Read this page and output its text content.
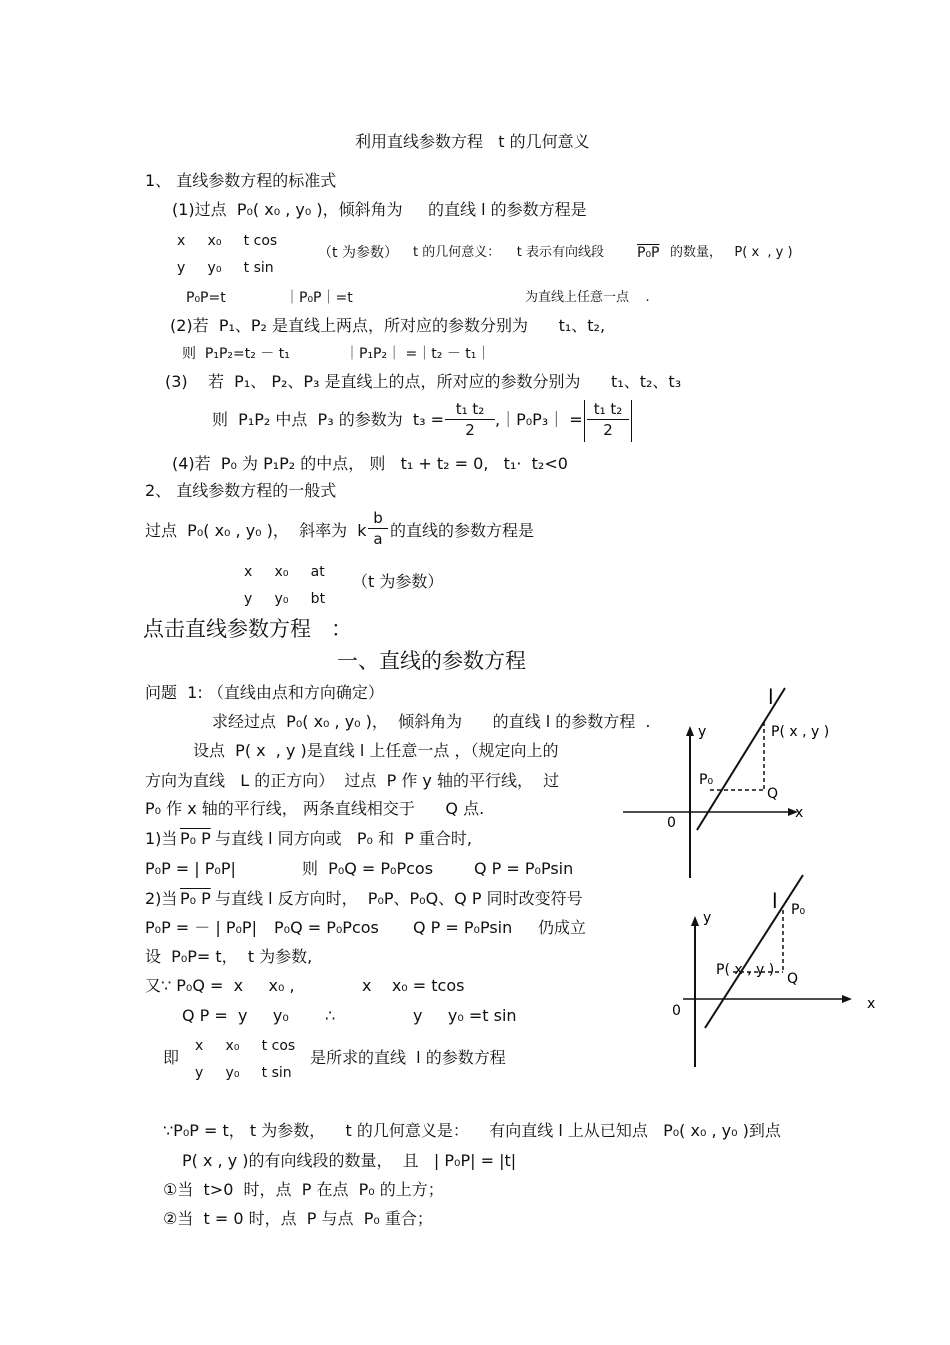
利用直线参数方程   t 的几何意义
1、 直线参数方程的标准式
(1)过点  P₀( x₀ , y₀ )，倾斜角为     的直线 l 的参数方程是
x     x₀     t cos
y     y₀     t sin
（t 为参数） t 的几何意义：    t 表示有向线段 P₀P 的数量，   P( x  , y )
P₀P=t	｜P₀P｜=t	为直线上任意一点    .
(2)若  P₁、P₂ 是直线上两点，所对应的参数分别为      t₁、t₂,
则  P₁P₂=t₂ － t₁	｜P₁P₂｜ =｜t₂ － t₁｜
(3)    若  P₁、 P₂、P₃ 是直线上的点，所对应的参数分别为      t₁、t₂、t₃
则  P₁P₂ 中点  P₃ 的参数为  t₃ =
t₁ t₂
2
,｜P₀P₃｜ =
t₁ t₂
2
(4)若  P₀ 为 P₁P₂ 的中点， 则   t₁ + t₂ = 0,   t₁·  t₂<0
2、 直线参数方程的一般式
过点  P₀( x₀ , y₀ )，  斜率为  k
b
a 的直线的参数方程是
x     x₀     at
y     y₀     bt
（t 为参数）
点击直线参数方程   ：
一、直线的参数方程
问题  1: （直线由点和方向确定）
求经过点  P₀( x₀ , y₀ )，  倾斜角为      的直线 l 的参数方程  .
设点  P( x  , y )是直线 l 上任意一点 ，（规定向上的
方向为直线   L 的正方向）  过点  P 作 y 轴的平行线，  过
P₀ 作 x 轴的平行线， 两条直线相交于      Q 点.
1)当 P₀ P 与直线 l 同方向或   P₀ 和  P 重合时,
P₀P = | P₀P|	则  P₀Q = P₀Pcos	Q P = P₀Psin
2)当 P₀ P 与直线 l 反方向时，  P₀P、P₀Q、Q P 同时改变符号
P₀P = － | P₀P| P₀Q = P₀Pcos Q P = P₀Psin 仍成立
设  P₀P= t，  t 为参数,
又∵ P₀Q =  x     x₀ ,	x    x₀ = tcos
Q P =  y     y₀ ∴	y     y₀ =t sin
即
x     x₀     t cos
y     y₀     t sin
是所求的直线  l 的参数方程
∵P₀P = t， t 为参数，    t 的几何意义是：    有向直线 l 上从已知点   P₀( x₀ , y₀ )到点
P( x , y )的有向线段的数量，  且   | P₀P| = |t|
①当  t>0  时，点  P 在点  P₀ 的上方；
②当  t = 0 时，点  P 与点  P₀ 重合；
l
y	P( x , y )
P₀
Q
x
0
l
y	P₀
P( x , y )
Q
x
0
